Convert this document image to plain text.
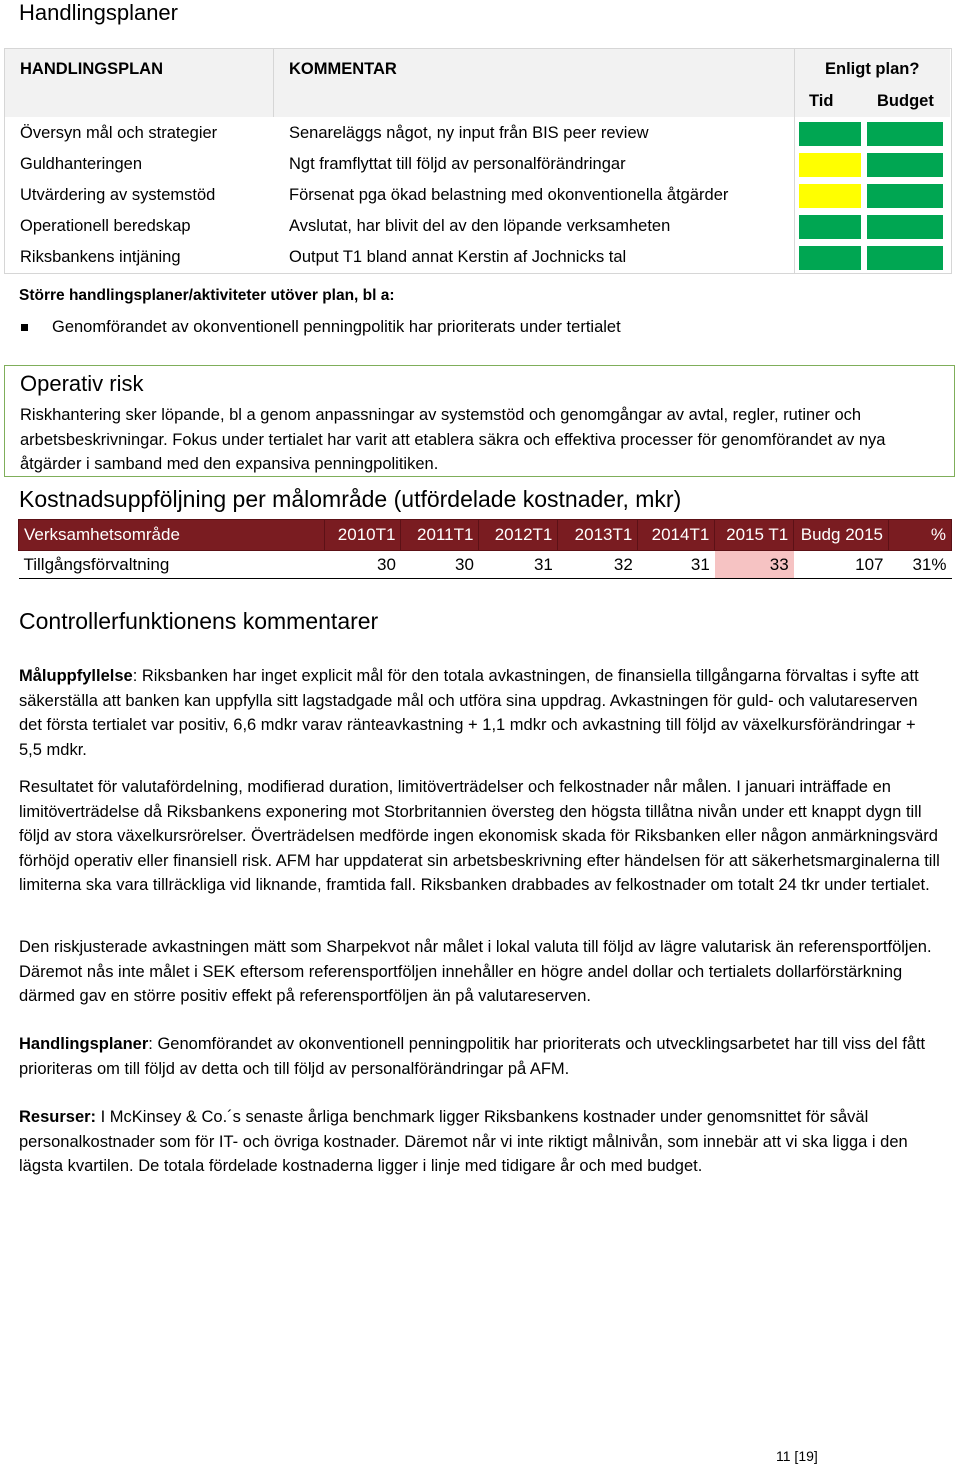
Handlingsplaner
HANDLINGSPLAN	KOMMENTAR	Enligt plan?
Tid	Budget
Översyn mål och strategier	Senareläggs något, ny input från BIS peer review
Guldhanteringen	Ngt framflyttat till följd av personalförändringar
Utvärdering av systemstöd	Försenat pga ökad belastning med okonventionella åtgärder
Operationell beredskap	Avslutat, har blivit del av den löpande verksamheten
Riksbankens intjäning	Output T1 bland annat Kerstin af Jochnicks tal
Större handlingsplaner/aktiviteter utöver plan, bl a:
Genomförandet av okonventionell penningpolitik har prioriterats under tertialet
Operativ risk
Riskhantering sker löpande, bl a genom anpassningar av systemstöd och genomgångar av avtal, regler, rutiner och arbetsbeskrivningar. Fokus under tertialet har varit att etablera säkra och effektiva processer för genomförandet av nya åtgärder i samband med den expansiva penningpolitiken.
Kostnadsuppföljning per målområde (utfördelade kostnader, mkr)
Verksamhetsområde	2010T1	2011T1	2012T1	2013T1	2014T1	2015 T1	Budg 2015	%
Tillgångsförvaltning	30	30	31	32	31	33	107	31%
Controllerfunktionens kommentarer
Måluppfyllelse: Riksbanken har inget explicit mål för den totala avkastningen, de finansiella tillgångarna förvaltas i syfte att säkerställa att banken kan uppfylla sitt lagstadgade mål och utföra sina uppdrag. Avkastningen för guld- och valutareserven det första tertialet var positiv, 6,6 mdkr varav ränteavkastning + 1,1 mdkr och avkastning till följd av växelkursförändringar + 5,5 mdkr.
Resultatet för valutafördelning, modifierad duration, limitöverträdelser och felkostnader når målen. I januari inträffade en limitöverträdelse då Riksbankens exponering mot Storbritannien översteg den högsta tillåtna nivån under ett knappt dygn till följd av stora växelkursrörelser. Överträdelsen medförde ingen ekonomisk skada för Riksbanken eller någon anmärkningsvärd förhöjd operativ eller finansiell risk. AFM har uppdaterat sin arbetsbeskrivning efter händelsen för att säkerhetsmarginalerna till limiterna ska vara tillräckliga vid liknande, framtida fall. Riksbanken drabbades av felkostnader om totalt 24 tkr under tertialet.
Den riskjusterade avkastningen mätt som Sharpekvot når målet i lokal valuta till följd av lägre valutarisk än referensportföljen. Däremot nås inte målet i SEK eftersom referensportföljen innehåller en högre andel dollar och tertialets dollarförstärkning därmed gav en större positiv effekt på referensportföljen än på valutareserven.
Handlingsplaner: Genomförandet av okonventionell penningpolitik har prioriterats och utvecklingsarbetet har till viss del fått prioriteras om till följd av detta och till följd av personalförändringar på AFM.
Resurser: I McKinsey & Co.´s senaste årliga benchmark ligger Riksbankens kostnader under genomsnittet för såväl personalkostnader som för IT- och övriga kostnader. Däremot når vi inte riktigt målnivån, som innebär att vi ska ligga i den lägsta kvartilen. De totala fördelade kostnaderna ligger i linje med tidigare år och med budget.
11 [19]
